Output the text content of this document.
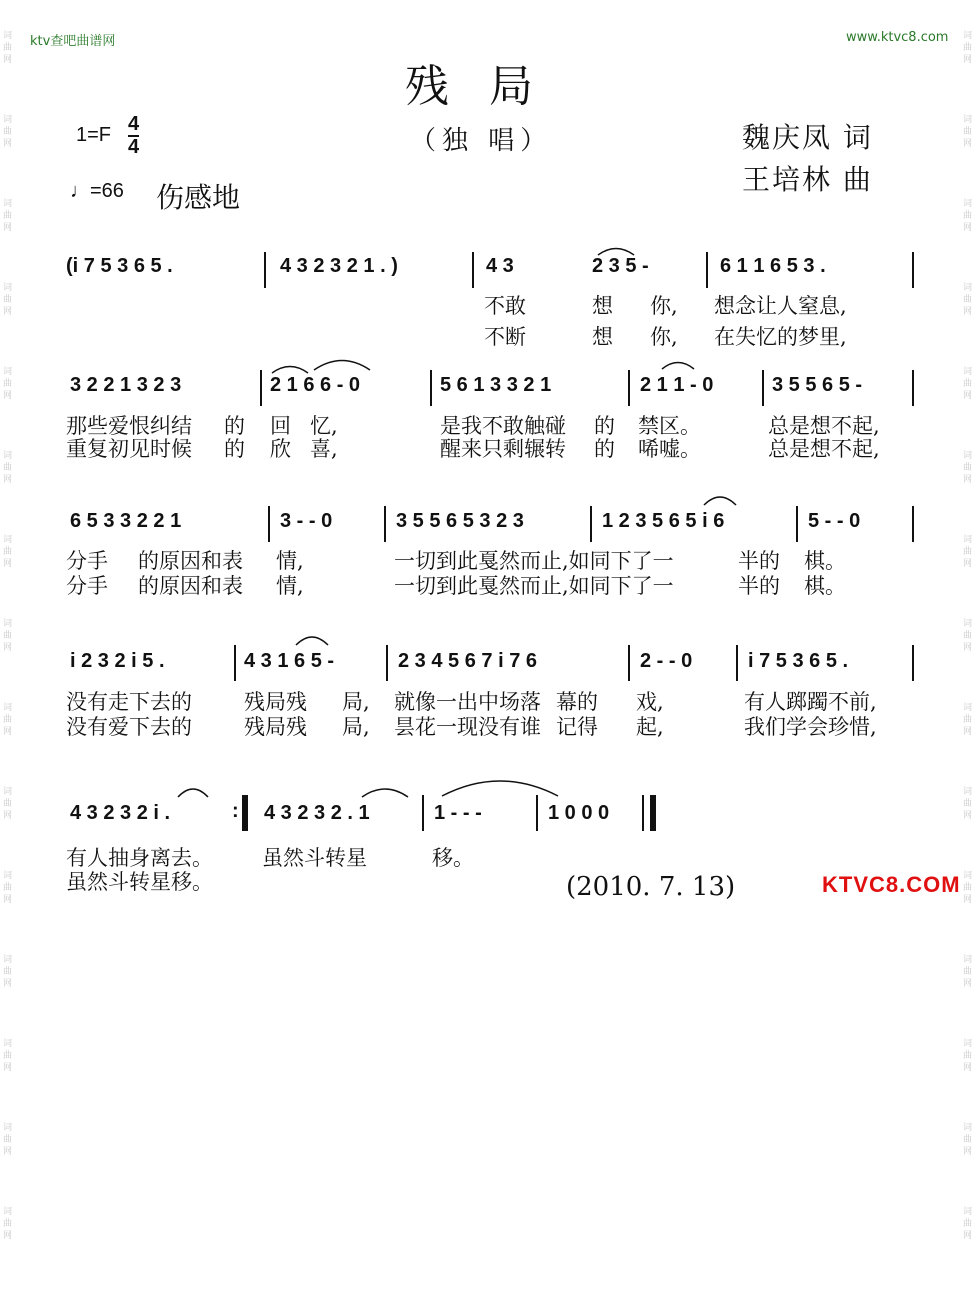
词曲网
词曲网
词曲网
词曲网
词曲网
词曲网
词曲网
词曲网
词曲网
词曲网
词曲网
词曲网
词曲网
词曲网
词曲网
词曲网
词曲网
词曲网
词曲网
词曲网
词曲网
词曲网
词曲网
词曲网
词曲网
词曲网
词曲网
词曲网
词曲网
词曲网
ktv查吧曲谱网	www.ktvc8.com
残局
（独 唱）	魏庆凤 词
王培林 曲
1=F 4
4
♩=66 伤感地
(i 7 5 3 6 5 .	4 3 2 3 2 1 . )	4 3	2 3 5 -	6 1 1 6 5 3 .
不敢	想 你, 想念让人窒息,
不断	想 你, 在失忆的梦里,
3 2 2 1 3 2 3	2 1 6 6 - 0	5 6 1 3 3 2 1	2 1 1 - 0	3 5 5 6 5 -
那些爱恨纠结 的 回 忆,	是我不敢触碰 的 禁区。	总是想不起,
重复初见时候 的 欣 喜,	醒来只剩辗转 的 唏嘘。	总是想不起,
6 5 3 3 2 2 1	3 - - 0	3 5 5 6 5 3 2 3	1 2 3 5 6 5 i 6	5 - - 0
分手 的原因和表 情,	一切到此戛然而止,如同下了一	半的 棋。
分手 的原因和表 情,	一切到此戛然而止,如同下了一	半的 棋。
i 2 3 2 i 5 .	4 3 1 6 5 -	2 3 4 5 6 7 i 7 6	2 - - 0	i 7 5 3 6 5 .
没有走下去的 残局残 局, 就像一出中场落 幕的 戏,	有人踯躅不前,
没有爱下去的 残局残 局, 昙花一现没有谁 记得 起,	我们学会珍惜,
4 3 2 3 2 i .	: 4 3 2 3 2 . 1	1 - - -	1 0 0 0
有人抽身离去。 虽然斗转星	移。
虽然斗转星移。	(2010. 7. 13)	KTVC8.COM
